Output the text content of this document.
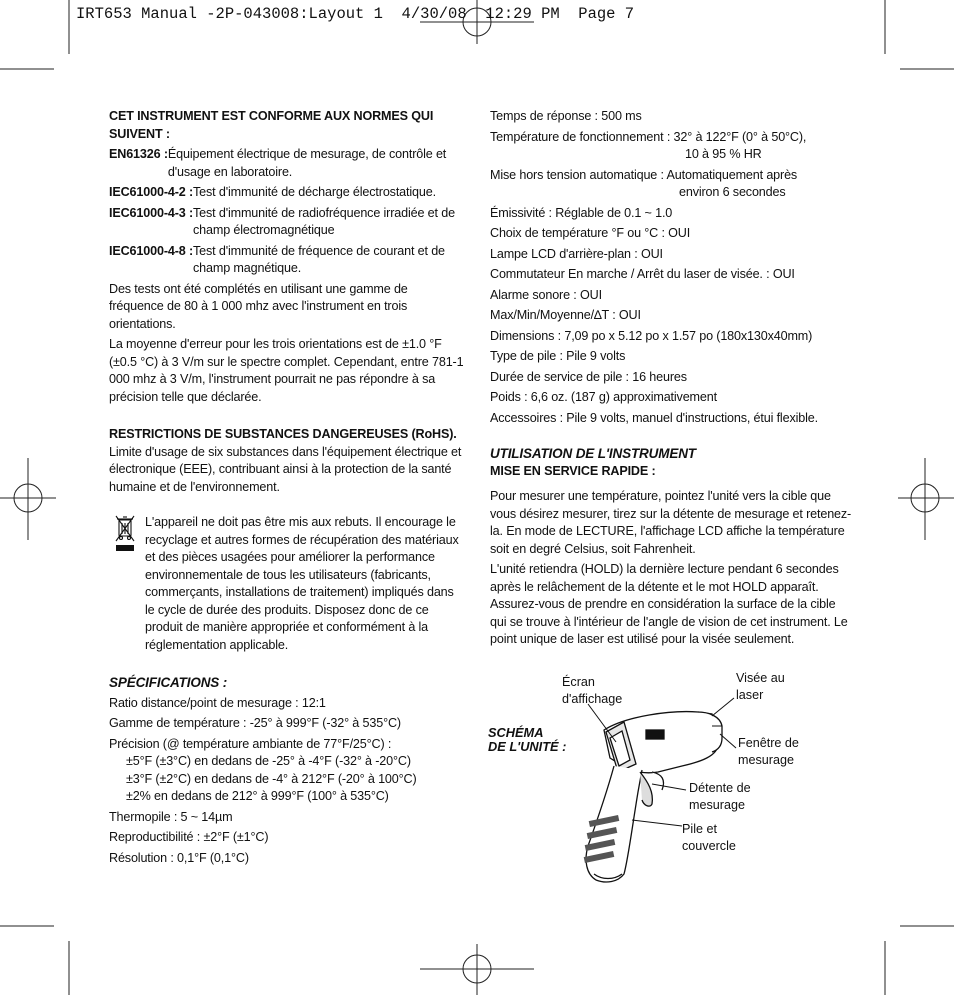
IRT653 Manual -2P-043008:Layout 1  4/30/08  12:29 PM  Page 7

CET INSTRUMENT EST CONFORME AUX NORMES QUI SUIVENT :

EN61326 : Équipement électrique de mesurage, de contrôle et d'usage en laboratoire.

IEC61000-4-2 : Test d'immunité de décharge électrostatique.

IEC61000-4-3 : Test d'immunité de radiofréquence irradiée et de champ électromagnétique

IEC61000-4-8 : Test d'immunité de fréquence de courant et de champ magnétique.

Des tests ont été complétés en utilisant une gamme de fréquence de 80 à 1 000 mhz avec l'instrument en trois orientations.

La moyenne d'erreur pour les trois orientations est de ±1.0 °F (±0.5 °C) à 3 V/m sur le spectre complet. Cependant, entre 781-1 000 mhz à 3 V/m, l'instrument pourrait ne pas répondre à sa précision telle que déclarée.

RESTRICTIONS DE SUBSTANCES DANGEREUSES (RoHS).

Limite d'usage de six substances dans l'équipement électrique et électronique (EEE), contribuant ainsi à la protection de la santé humaine et de l'environnement.

L'appareil ne doit pas être mis aux rebuts. Il encourage le recyclage et autres formes de récupération des matériaux et des pièces usagées pour améliorer la performance environnementale de tous les utilisateurs (fabricants, commerçants, installations de traitement) impliqués dans le cycle de durée des produits. Disposez donc de ce produit de manière appropriée et conformément à la réglementation applicable.

SPÉCIFICATIONS :

Ratio distance/point de mesurage : 12:1

Gamme de température : -25° à 999°F (-32° à 535°C)

Précision (@ température ambiante de 77°F/25°C) :

±5°F (±3°C) en dedans de -25° à -4°F (-32° à -20°C)

±3°F (±2°C) en dedans de -4° à 212°F (-20° à 100°C)

±2% en dedans de 212° à 999°F (100° à 535°C)

Thermopile : 5 ~ 14µm

Reproductibilité : ±2°F (±1°C)

Résolution : 0,1°F (0,1°C)

Temps de réponse : 500 ms

Température de fonctionnement : 32° à 122°F (0° à 50°C),
10 à 95 % HR

Mise hors tension automatique : Automatiquement après
environ 6 secondes

Émissivité : Réglable de 0.1 ~ 1.0

Choix de température °F ou °C : OUI

Lampe LCD d'arrière-plan : OUI

Commutateur En marche / Arrêt du laser de visée. : OUI

Alarme sonore : OUI

Max/Min/Moyenne/∆T : OUI

Dimensions : 7,09 po x 5.12 po x 1.57 po (180x130x40mm)

Type de pile : Pile 9 volts

Durée de service de pile : 16 heures

Poids : 6,6 oz. (187 g) approximativement

Accessoires : Pile 9 volts, manuel d'instructions, étui flexible.

UTILISATION DE L'INSTRUMENT

MISE EN SERVICE RAPIDE :

Pour mesurer une température, pointez l'unité vers la cible que vous désirez mesurer, tirez sur la détente de mesurage et retenez-la. En mode de LECTURE, l'affichage LCD affiche la température soit en degré Celsius, soit Fahrenheit.

L'unité retiendra (HOLD) la dernière lecture pendant 6 secondes après le relâchement de la détente et le mot HOLD apparaît. Assurez-vous de prendre en considération la surface de la cible qui se trouve à l'intérieur de l'angle de vision de cet instrument. Le point unique de laser est utilisé pour la visée seulement.

SCHÉMA
DE L'UNITÉ :
Écran
d'affichage
Visée au
laser
Fenêtre de
mesurage
Détente de
mesurage
Pile et
couvercle
